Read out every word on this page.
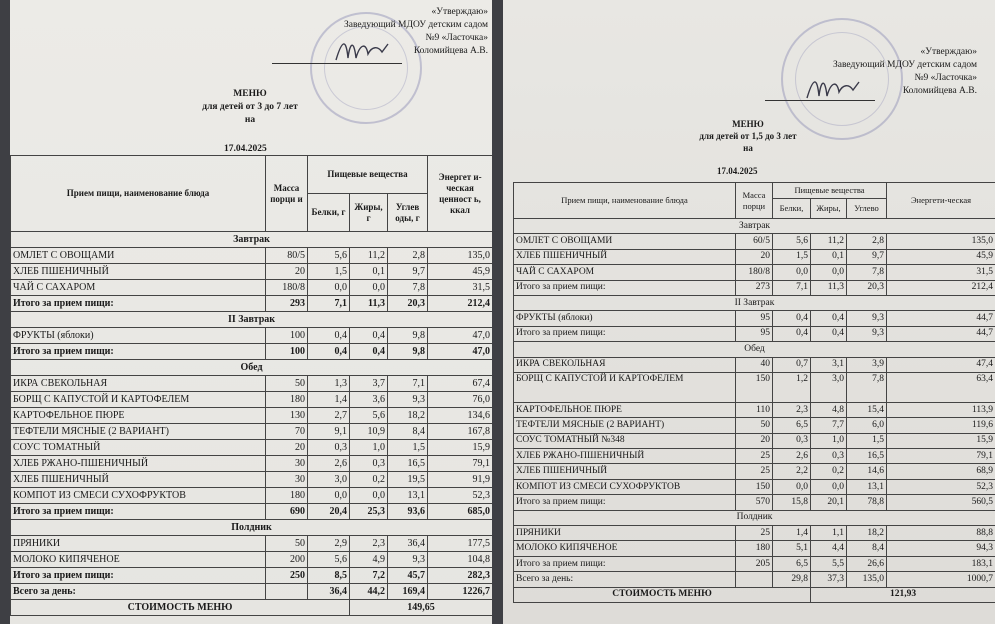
«Утверждаю»
Заведующий МДОУ детским садом
№9 «Ласточка»
Коломийцева А.В.
МЕНЮ
для детей от 3 до 7 лет
на
17.04.2025
Прием пищи, наименование блюда	Масса порци и	Пищевые вещества			Энергет и-ческая ценност ь, ккал
		Белки, г	Жиры, г	Углев оды, г	
Завтрак					
ОМЛЕТ С ОВОЩАМИ	80/5	5,6	11,2	2,8	135,0
ХЛЕБ ПШЕНИЧНЫЙ	20	1,5	0,1	9,7	45,9
ЧАЙ С САХАРОМ	180/8	0,0	0,0	7,8	31,5
Итого за прием пищи:	293	7,1	11,3	20,3	212,4
II Завтрак					
ФРУКТЫ (яблоки)	100	0,4	0,4	9,8	47,0
Итого за прием пищи:	100	0,4	0,4	9,8	47,0
Обед					
ИКРА СВЕКОЛЬНАЯ	50	1,3	3,7	7,1	67,4
БОРЩ С КАПУСТОЙ И КАРТОФЕЛЕМ	180	1,4	3,6	9,3	76,0
КАРТОФЕЛЬНОЕ ПЮРЕ	130	2,7	5,6	18,2	134,6
ТЕФТЕЛИ МЯСНЫЕ (2 ВАРИАНТ)	70	9,1	10,9	8,4	167,8
СОУС ТОМАТНЫЙ	20	0,3	1,0	1,5	15,9
ХЛЕБ РЖАНО-ПШЕНИЧНЫЙ	30	2,6	0,3	16,5	79,1
ХЛЕБ ПШЕНИЧНЫЙ	30	3,0	0,2	19,5	91,9
КОМПОТ ИЗ СМЕСИ СУХОФРУКТОВ	180	0,0	0,0	13,1	52,3
Итого за прием пищи:	690	20,4	25,3	93,6	685,0
Полдник					
ПРЯНИКИ	50	2,9	2,3	36,4	177,5
МОЛОКО КИПЯЧЕНОЕ	200	5,6	4,9	9,3	104,8
Итого за прием пищи:	250	8,5	7,2	45,7	282,3
Всего за день:		36,4	44,2	169,4	1226,7
СТОИМОСТЬ МЕНЮ			149,65		
«Утверждаю»
Заведующий МДОУ детским садом
№9 «Ласточка»
Коломийцева А.В.
МЕНЮ
для детей от 1,5 до 3 лет
на
17.04.2025
Прием пищи, наименование блюда	Масса порци	Пищевые вещества			Энергети-ческая
		Белки,	Жиры,	Углево	
Завтрак					
ОМЛЕТ С ОВОЩАМИ	60/5	5,6	11,2	2,8	135,0
ХЛЕБ ПШЕНИЧНЫЙ	20	1,5	0,1	9,7	45,9
ЧАЙ С САХАРОМ	180/8	0,0	0,0	7,8	31,5
Итого за прием пищи:	273	7,1	11,3	20,3	212,4
II Завтрак					
ФРУКТЫ (яблоки)	95	0,4	0,4	9,3	44,7
Итого за прием пищи:	95	0,4	0,4	9,3	44,7
Обед					
ИКРА СВЕКОЛЬНАЯ	40	0,7	3,1	3,9	47,4
БОРЩ С КАПУСТОЙ И КАРТОФЕЛЕМ	150	1,2	3,0	7,8	63,4
КАРТОФЕЛЬНОЕ ПЮРЕ	110	2,3	4,8	15,4	113,9
ТЕФТЕЛИ МЯСНЫЕ (2 ВАРИАНТ)	50	6,5	7,7	6,0	119,6
СОУС ТОМАТНЫЙ №348	20	0,3	1,0	1,5	15,9
ХЛЕБ РЖАНО-ПШЕНИЧНЫЙ	25	2,6	0,3	16,5	79,1
ХЛЕБ ПШЕНИЧНЫЙ	25	2,2	0,2	14,6	68,9
КОМПОТ ИЗ СМЕСИ СУХОФРУКТОВ	150	0,0	0,0	13,1	52,3
Итого за прием пищи:	570	15,8	20,1	78,8	560,5
Полдник					
ПРЯНИКИ	25	1,4	1,1	18,2	88,8
МОЛОКО КИПЯЧЕНОЕ	180	5,1	4,4	8,4	94,3
Итого за прием пищи:	205	6,5	5,5	26,6	183,1
Всего за день:		29,8	37,3	135,0	1000,7
СТОИМОСТЬ МЕНЮ			121,93		
